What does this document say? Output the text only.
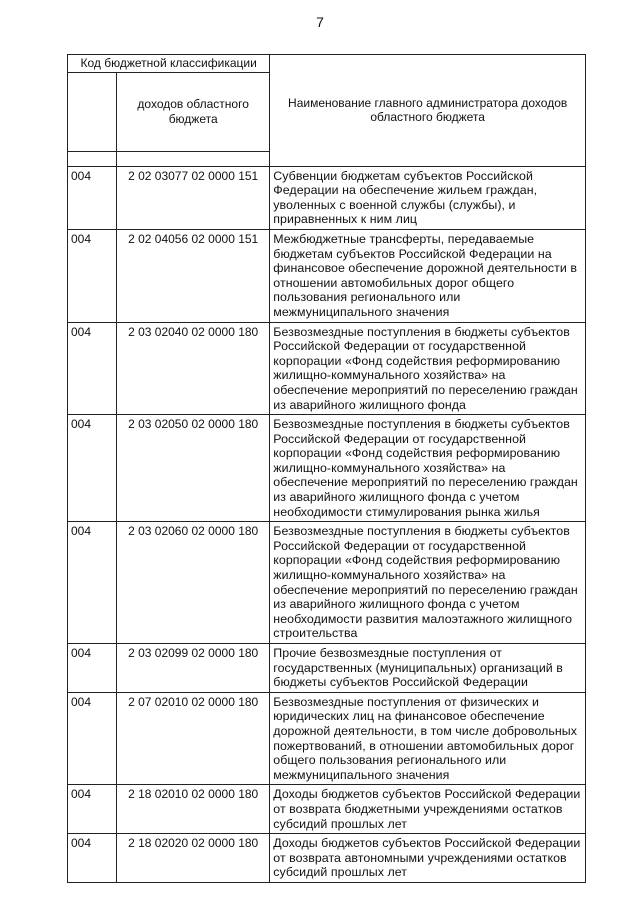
7
Код бюджетной классификации		Наименование главного администратора доходов областного бюджета
	доходов областного бюджета	

004	2 02 03077 02 0000 151	Субвенции бюджетам субъектов Российской Федерации на обеспечение жильем граждан, уволенных с военной службы (службы), и приравненных к ним лиц
004	2 02 04056 02 0000 151	Межбюджетные трансферты, передаваемые бюджетам субъектов Российской Федерации на финансовое обеспечение дорожной деятельности в отношении автомобильных дорог общего пользования регионального или межмуниципального значения
004	2 03 02040 02 0000 180	Безвозмездные поступления в бюджеты субъектов Российской Федерации от государственной корпорации «Фонд содействия реформированию жилищно-коммунального хозяйства» на обеспечение мероприятий по переселению граждан из аварийного жилищного фонда
004	2 03 02050 02 0000 180	Безвозмездные поступления в бюджеты субъектов Российской Федерации от государственной корпорации «Фонд содействия реформированию жилищно-коммунального хозяйства» на обеспечение мероприятий по переселению граждан из аварийного жилищного фонда с учетом необходимости стимулирования рынка жилья
004	2 03 02060 02 0000 180	Безвозмездные поступления в бюджеты субъектов Российской Федерации от государственной корпорации «Фонд содействия реформированию жилищно-коммунального хозяйства» на обеспечение мероприятий по переселению граждан из аварийного жилищного фонда с учетом необходимости развития малоэтажного жилищного строительства
004	2 03 02099 02 0000 180	Прочие безвозмездные поступления от государственных (муниципальных) организаций в бюджеты субъектов Российской Федерации
004	2 07 02010 02 0000 180	Безвозмездные поступления от физических и юридических лиц на финансовое обеспечение дорожной деятельности, в том числе добровольных пожертвований, в отношении автомобильных дорог общего пользования регионального или межмуниципального значения
004	2 18 02010 02 0000 180	Доходы бюджетов субъектов Российской Федерации от возврата бюджетными учреждениями остатков субсидий прошлых лет
004	2 18 02020 02 0000 180	Доходы бюджетов субъектов Российской Федерации от возврата автономными учреждениями остатков субсидий прошлых лет
